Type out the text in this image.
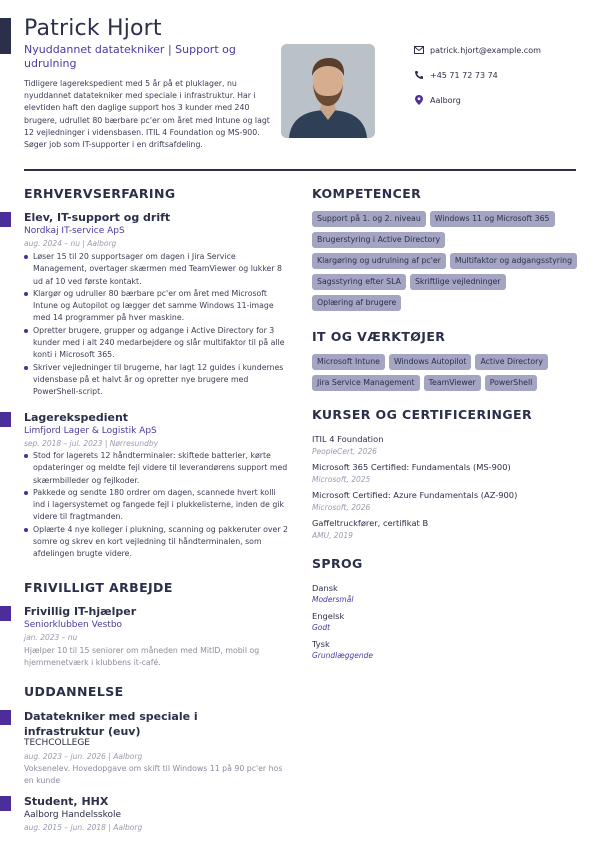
Patrick Hjort
Nyuddannet datatekniker | Support og udrulning
Tidligere lagerekspedient med 5 år på et pluklager, nu nyuddannet datatekniker med speciale i infrastruktur. Har i elevtiden haft den daglige support hos 3 kunder med 240 brugere, udrullet 80 bærbare pc'er om året med Intune og lagt 12 vejledninger i vidensbasen. ITIL 4 Foundation og MS-900. Søger job som IT-supporter i en driftsafdeling.
patrick.hjort@example.com
+45 71 72 73 74
Aalborg
ERHVERVSERFARING
Elev, IT-support og drift
Nordkaj IT-service ApS
aug. 2024 – nu | Aalborg
Løser 15 til 20 supportsager om dagen i Jira Service Management, overtager skærmen med TeamViewer og lukker 8 ud af 10 ved første kontakt.
Klargør og udruller 80 bærbare pc'er om året med Microsoft Intune og Autopilot og lægger det samme Windows 11-image med 14 programmer på hver maskine.
Opretter brugere, grupper og adgange i Active Directory for 3 kunder med i alt 240 medarbejdere og slår multifaktor til på alle konti i Microsoft 365.
Skriver vejledninger til brugerne, har lagt 12 guides i kundernes vidensbase på et halvt år og opretter nye brugere med PowerShell-script.
Lagerekspedient
Limfjord Lager & Logistik ApS
sep. 2018 – jul. 2023 | Nørresundby
Stod for lagerets 12 håndterminaler: skiftede batterier, kørte opdateringer og meldte fejl videre til leverandørens support med skærmbilleder og fejlkoder.
Pakkede og sendte 180 ordrer om dagen, scannede hvert kolli ind i lagersystemet og fangede fejl i plukkelisterne, inden de gik videre til fragtmanden.
Oplærte 4 nye kolleger i plukning, scanning og pakkeruter over 2 somre og skrev en kort vejledning til håndterminalen, som afdelingen brugte videre.
FRIVILLIGT ARBEJDE
Frivillig IT-hjælper
Seniorklubben Vestbo
jan. 2023 – nu
Hjælper 10 til 15 seniorer om måneden med MitID, mobil og hjemmenetværk i klubbens it-café.
UDDANNELSE
Datatekniker med speciale i infrastruktur (euv)
TECHCOLLEGE
aug. 2023 – jun. 2026 | Aalborg
Voksenelev. Hovedopgave om skift til Windows 11 på 90 pc'er hos en kunde
Student, HHX
Aalborg Handelsskole
aug. 2015 – jun. 2018 | Aalborg
KOMPETENCER
Support på 1. og 2. niveau	Windows 11 og Microsoft 365
Brugerstyring i Active Directory
Klargøring og udrulning af pc'er	Multifaktor og adgangsstyring
Sagsstyring efter SLA	Skriftlige vejledninger
Oplæring af brugere
IT OG VÆRKTØJER
Microsoft Intune	Windows Autopilot	Active Directory
Jira Service Management	TeamViewer	PowerShell
KURSER OG CERTIFICERINGER
ITIL 4 Foundation
PeopleCert, 2026
Microsoft 365 Certified: Fundamentals (MS-900)
Microsoft, 2025
Microsoft Certified: Azure Fundamentals (AZ-900)
Microsoft, 2026
Gaffeltruckfører, certifikat B
AMU, 2019
SPROG
Dansk
Modersmål
Engelsk
Godt
Tysk
Grundlæggende
